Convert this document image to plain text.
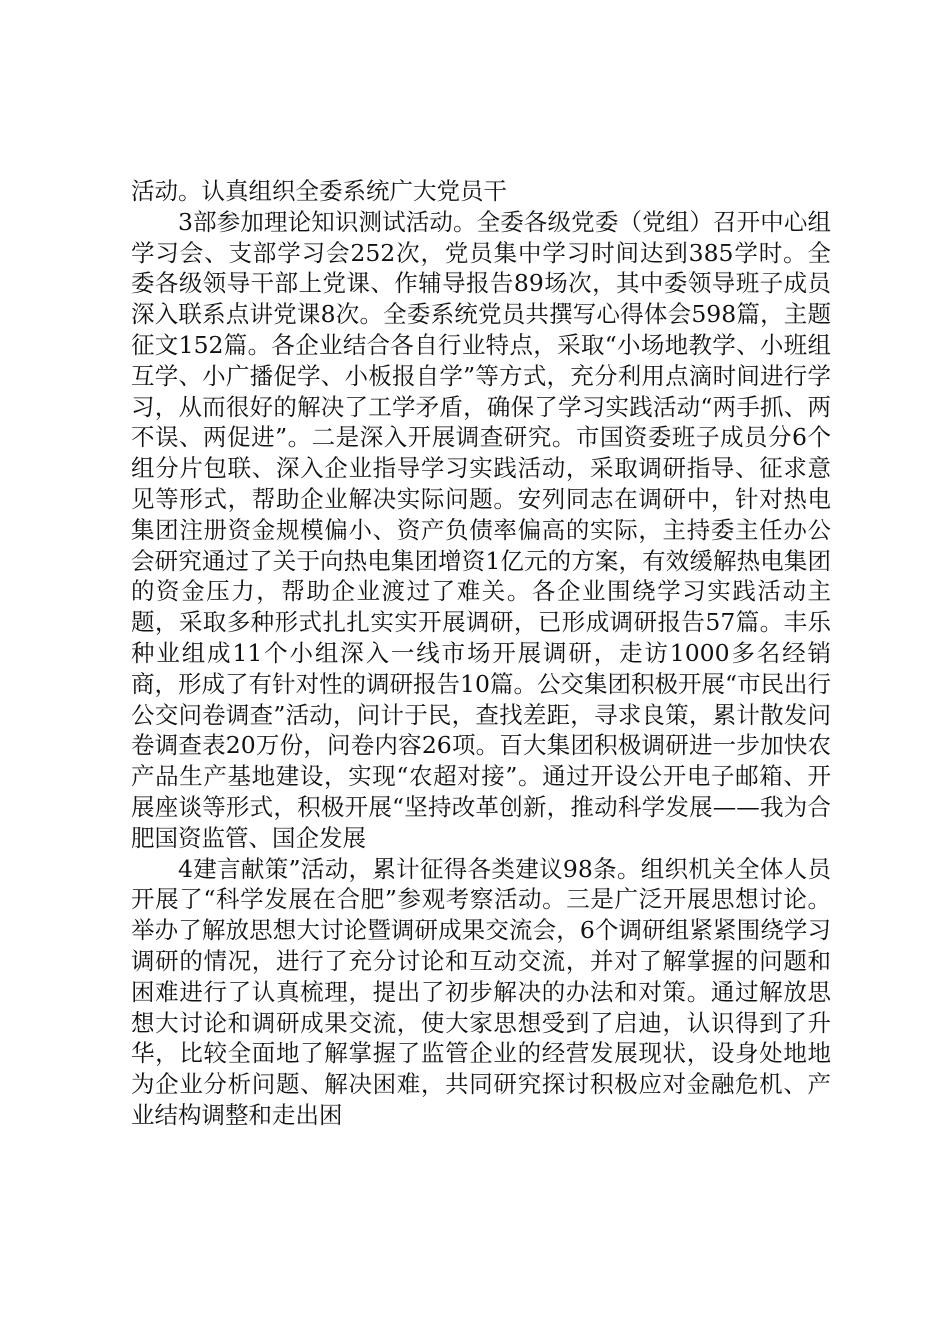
活动。认真组织全委系统广大党员干

3部参加理论知识测试活动。全委各级党委（党组）召开中心组学习会、支部学习会252次，党员集中学习时间达到385学时。全委各级领导干部上党课、作辅导报告89场次，其中委领导班子成员深入联系点讲党课8次。全委系统党员共撰写心得体会598篇，主题征文152篇。各企业结合各自行业特点，采取“小场地教学、小班组互学、小广播促学、小板报自学”等方式，充分利用点滴时间进行学习，从而很好的解决了工学矛盾，确保了学习实践活动“两手抓、两不误、两促进”。二是深入开展调查研究。市国资委班子成员分6个组分片包联、深入企业指导学习实践活动，采取调研指导、征求意见等形式，帮助企业解决实际问题。安列同志在调研中，针对热电集团注册资金规模偏小、资产负债率偏高的实际，主持委主任办公会研究通过了关于向热电集团增资1亿元的方案，有效缓解热电集团的资金压力，帮助企业渡过了难关。各企业围绕学习实践活动主题，采取多种形式扎扎实实开展调研，已形成调研报告57篇。丰乐种业组成11个小组深入一线市场开展调研，走访1000多名经销商，形成了有针对性的调研报告10篇。公交集团积极开展“市民出行公交问卷调查”活动，问计于民，查找差距，寻求良策，累计散发问卷调查表20万份，问卷内容26项。百大集团积极调研进一步加快农产品生产基地建设，实现“农超对接”。通过开设公开电子邮箱、开展座谈等形式，积极开展“坚持改革创新，推动科学发展——我为合肥国资监管、国企发展

4建言献策”活动，累计征得各类建议98条。组织机关全体人员开展了“科学发展在合肥”参观考察活动。三是广泛开展思想讨论。举办了解放思想大讨论暨调研成果交流会，6个调研组紧紧围绕学习调研的情况，进行了充分讨论和互动交流，并对了解掌握的问题和困难进行了认真梳理，提出了初步解决的办法和对策。通过解放思想大讨论和调研成果交流，使大家思想受到了启迪，认识得到了升华，比较全面地了解掌握了监管企业的经营发展现状，设身处地地为企业分析问题、解决困难，共同研究探讨积极应对金融危机、产业结构调整和走出困
